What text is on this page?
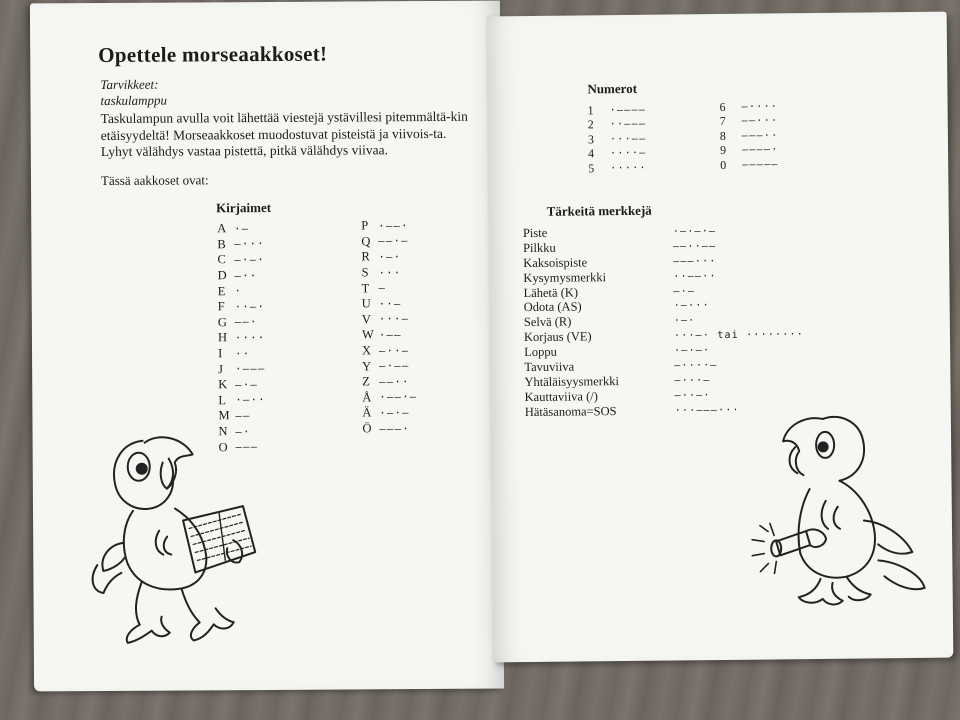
Opettele morseaakkoset!
Tarvikkeet:
taskulamppu
Taskulampun avulla voit lähettää viestejä ystävillesi pitemmältä-kin etäisyydeltä! Morseaakkoset muodostuvat pisteistä ja viivois-ta. Lyhyt välähdys vastaa pistettä, pitkä välähdys viivaa.
Tässä aakkoset ovat:
Kirjaimet
A ·—
B —···
C —·—·
D —··
E ·
F ··—·
G ——·
H ····
I	··
J	·———
K —·—
L ·—··
M ——
N —·
O ———
P ·——·
Q ——·—
R ·—·
S ···
T —
U ··—
V ···—
W ·——
X —··—
Y —·——
Z ——··
Å ·——·—
Ä ·—·—
Ö ———·
Numerot
1	·————
2	··———
3	···——
4	····—
5	·····
6	—····
7	——···
8	———··
9	————·
0	—————
Tärkeitä merkkejä
Piste	·—·—·—
Pilkku	——··——
Kaksoispiste	———···
Kysymysmerkki	··——··
Lähetä (K)	—·—
Odota (AS)	·—···
Selvä (R)	·—·
Korjaus (VE)	···—· tai ········
Loppu	·—·—·
Tavuviiva	—····—
Yhtäläisyysmerkki	—···—
Kauttaviiva (/)	—··—·
Hätäsanoma=SOS	···———···
